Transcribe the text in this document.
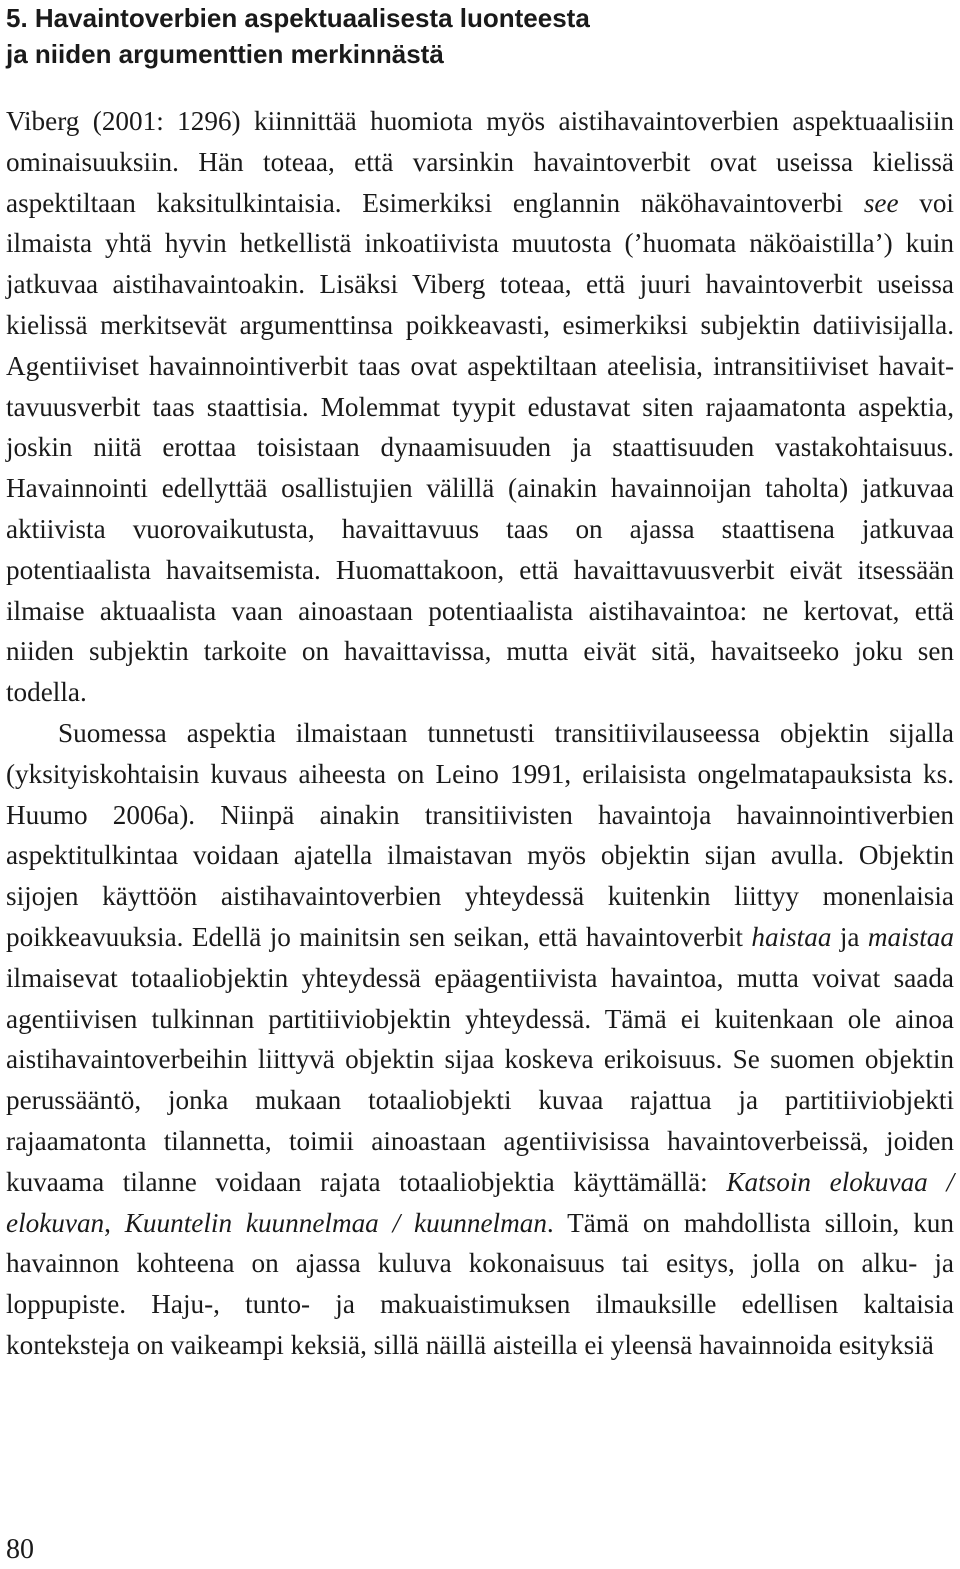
5. Havaintoverbien aspektuaalisesta luonteesta
ja niiden argumenttien merkinnästä

Viberg (2001: 1296) kiinnittää huomiota myös aistihavaintoverbien aspektuaalisiin ominaisuuksiin. Hän toteaa, että varsinkin havaintoverbit ovat useissa kielissä aspektiltaan kaksitulkintaisia. Esimerkiksi englannin näköhavaintoverbi see voi ilmaista yhtä hyvin hetkellistä inkoatiivista muutosta (’huomata näköaistilla’) kuin jatkuvaa aistihavaintoakin. Lisäksi Viberg toteaa, että juuri havaintoverbit useissa kielissä merkitsevät argumenttinsa poikkeavasti, esimerkiksi subjektin datiivisijalla. Agentiiviset havainnointiverbit taas ovat aspektiltaan ateelisia, intransitiiviset havaittavuusverbit taas staattisia. Molemmat tyypit edustavat siten rajaamatonta aspektia, joskin niitä erottaa toisistaan dynaamisuuden ja staattisuuden vastakohtaisuus. Havainnointi edellyttää osallistujien välillä (ainakin havainnoijan taholta) jatkuvaa aktiivista vuorovaikutusta, havaittavuus taas on ajassa staattisena jatkuvaa potentiaalista havaitsemista. Huomattakoon, että havaittavuusverbit eivät itsessään ilmaise aktuaalista vaan ainoastaan potentiaalista aistihavaintoa: ne kertovat, että niiden subjektin tarkoite on havaittavissa, mutta eivät sitä, havaitseeko joku sen todella.

Suomessa aspektia ilmaistaan tunnetusti transitiivilauseessa objektin sijalla (yksityiskohtaisin kuvaus aiheesta on Leino 1991, erilaisista ongelmatapauksista ks. Huumo 2006a). Niinpä ainakin transitiivisten havaintoja havainnointiverbien aspektitulkintaa voidaan ajatella ilmaistavan myös objektin sijan avulla. Objektin sijojen käyttöön aistihavaintoverbien yhteydessä kuitenkin liittyy monenlaisia poikkeavuuksia. Edellä jo mainitsin sen seikan, että havaintoverbit haistaa ja maistaa ilmaisevat totaaliobjektin yhteydessä epäagentiivista havaintoa, mutta voivat saada agentiivisen tulkinnan partitiiviobjektin yhteydessä. Tämä ei kuitenkaan ole ainoa aistihavaintoverbeihin liittyvä objektin sijaa koskeva erikoisuus. Se suomen objektin perussääntö, jonka mukaan totaaliobjekti kuvaa rajattua ja partitiiviobjekti rajaamatonta tilannetta, toimii ainoastaan agentiivisissa havaintoverbeissä, joiden kuvaama tilanne voidaan rajata totaaliobjektia käyttämällä: Katsoin elokuvaa / elokuvan, Kuuntelin kuunnelmaa / kuunnelman. Tämä on mahdollista silloin, kun havainnon kohteena on ajassa kuluva kokonaisuus tai esitys, jolla on alku- ja loppupiste. Haju-, tunto- ja makuaistimuksen ilmauksille edellisen kaltaisia konteksteja on vaikeampi keksiä, sillä näillä aisteilla ei yleensä havainnoida esityksiä

80
